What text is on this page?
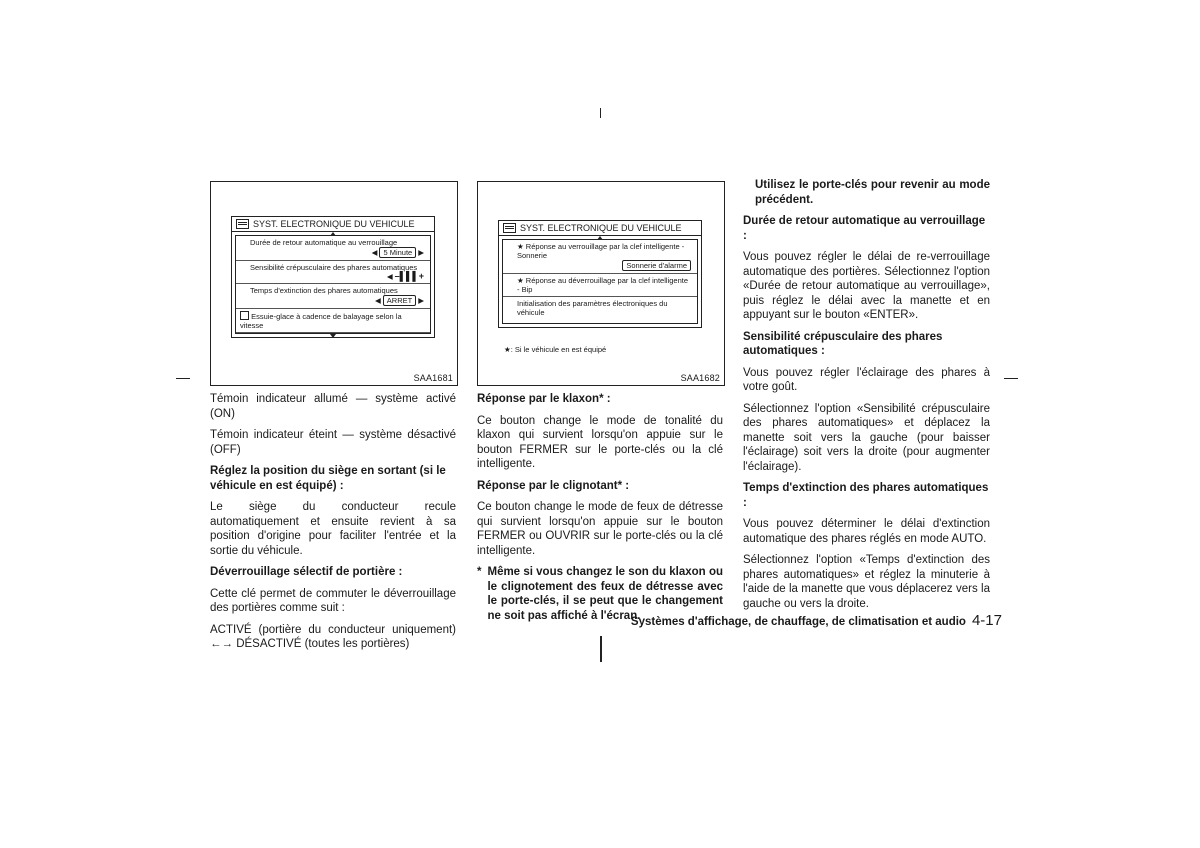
SYST. ELECTRONIQUE DU VEHICULE
Durée de retour automatique au verrouillage
◀ 5 Minute ▶
Sensibilité crépusculaire des phares automatiques
◀ –▌▌▌+
Temps d'extinction des phares automatiques
◀ ARRET ▶
Essuie-glace à cadence de balayage selon la vitesse
SAA1681
SYST. ELECTRONIQUE DU VEHICULE
★ Réponse au verrouillage par la clef intelligente - Sonnerie
Sonnerie d'alarme
★ Réponse au déverrouillage par la clef intelligente - Bip
Initialisation des paramètres électroniques du véhicule
★: Si le véhicule en est équipé
SAA1682

Témoin indicateur allumé — système activé (ON)

Témoin indicateur éteint — système désactivé (OFF)

Réglez la position du siège en sortant (si le véhicule en est équipé) :

Le siège du conducteur recule automatiquement et ensuite revient à sa position d'origine pour faciliter l'entrée et la sortie du véhicule.

Déverrouillage sélectif de portière :

Cette clé permet de commuter le déverrouillage des portières comme suit :

ACTIVÉ (portière du conducteur uniquement) ←→ DÉSACTIVÉ (toutes les portières)

Réponse par le klaxon* :

Ce bouton change le mode de tonalité du klaxon qui survient lorsqu'on appuie sur le bouton FERMER sur le porte-clés ou la clé intelligente.

Réponse par le clignotant* :

Ce bouton change le mode de feux de détresse qui survient lorsqu'on appuie sur le bouton FERMER ou OUVRIR sur le porte-clés ou la clé intelligente.

* Même si vous changez le son du klaxon ou le clignotement des feux de détresse avec le porte-clés, il se peut que le changement ne soit pas affiché à l'écran.
Utilisez le porte-clés pour revenir au mode précédent.
Durée de retour automatique au verrouillage :

Vous pouvez régler le délai de re-verrouillage automatique des portières. Sélectionnez l'option «Durée de retour automatique au verrouillage», puis réglez le délai avec la manette et en appuyant sur le bouton «ENTER».

Sensibilité crépusculaire des phares automatiques :

Vous pouvez régler l'éclairage des phares à votre goût.

Sélectionnez l'option «Sensibilité crépusculaire des phares automatiques» et déplacez la manette soit vers la gauche (pour baisser l'éclairage) soit vers la droite (pour augmenter l'éclairage).

Temps d'extinction des phares automatiques :

Vous pouvez déterminer le délai d'extinction automatique des phares réglés en mode AUTO.

Sélectionnez l'option «Temps d'extinction des phares automatiques» et réglez la minuterie à l'aide de la manette que vous déplacerez vers la gauche ou vers la droite.

Systèmes d'affichage, de chauffage, de climatisation et audio 4-17
